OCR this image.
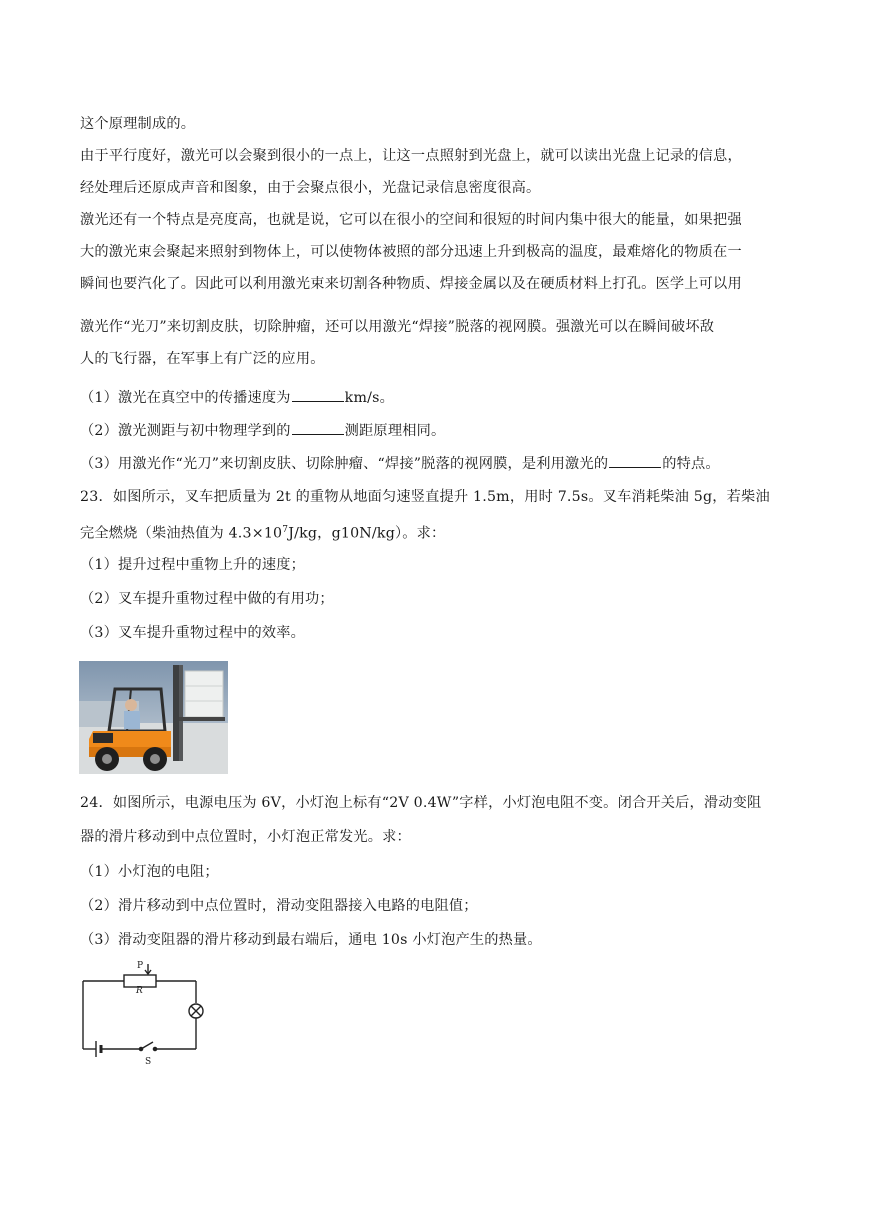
这个原理制成的。
由于平行度好，激光可以会聚到很小的一点上，让这一点照射到光盘上，就可以读出光盘上记录的信息，
经处理后还原成声音和图象，由于会聚点很小，光盘记录信息密度很高。
激光还有一个特点是亮度高，也就是说，它可以在很小的空间和很短的时间内集中很大的能量，如果把强
大的激光束会聚起来照射到物体上，可以使物体被照的部分迅速上升到极高的温度，最难熔化的物质在一
瞬间也要汽化了。因此可以利用激光束来切割各种物质、焊接金属以及在硬质材料上打孔。医学上可以用
激光作“光刀”来切割皮肤，切除肿瘤，还可以用激光“焊接”脱落的视网膜。强激光可以在瞬间破坏敌
人的飞行器，在军事上有广泛的应用。
（1）激光在真空中的传播速度为	km/s。
（2）激光测距与初中物理学到的	测距原理相同。
（3）用激光作“光刀”来切割皮肤、切除肿瘤、“焊接”脱落的视网膜，是利用激光的	的特点。
23．如图所示，叉车把质量为 2t 的重物从地面匀速竖直提升 1.5m，用时 7.5s。叉车消耗柴油 5g，若柴油
完全燃烧（柴油热值为 $4.3\times 10^7J/kg$，g10N/kg）。求：
（1）提升过程中重物上升的速度；
（2）叉车提升重物过程中做的有用功；
（3）叉车提升重物过程中的效率。
24．如图所示，电源电压为 6V，小灯泡上标有“2V 0.4W”字样，小灯泡电阻不变。闭合开关后，滑动变阻
器的滑片移动到中点位置时，小灯泡正常发光。求：
（1）小灯泡的电阻；
（2）滑片移动到中点位置时，滑动变阻器接入电路的电阻值；
（3）滑动变阻器的滑片移动到最右端后，通电 10s 小灯泡产生的热量。
P
R
S
